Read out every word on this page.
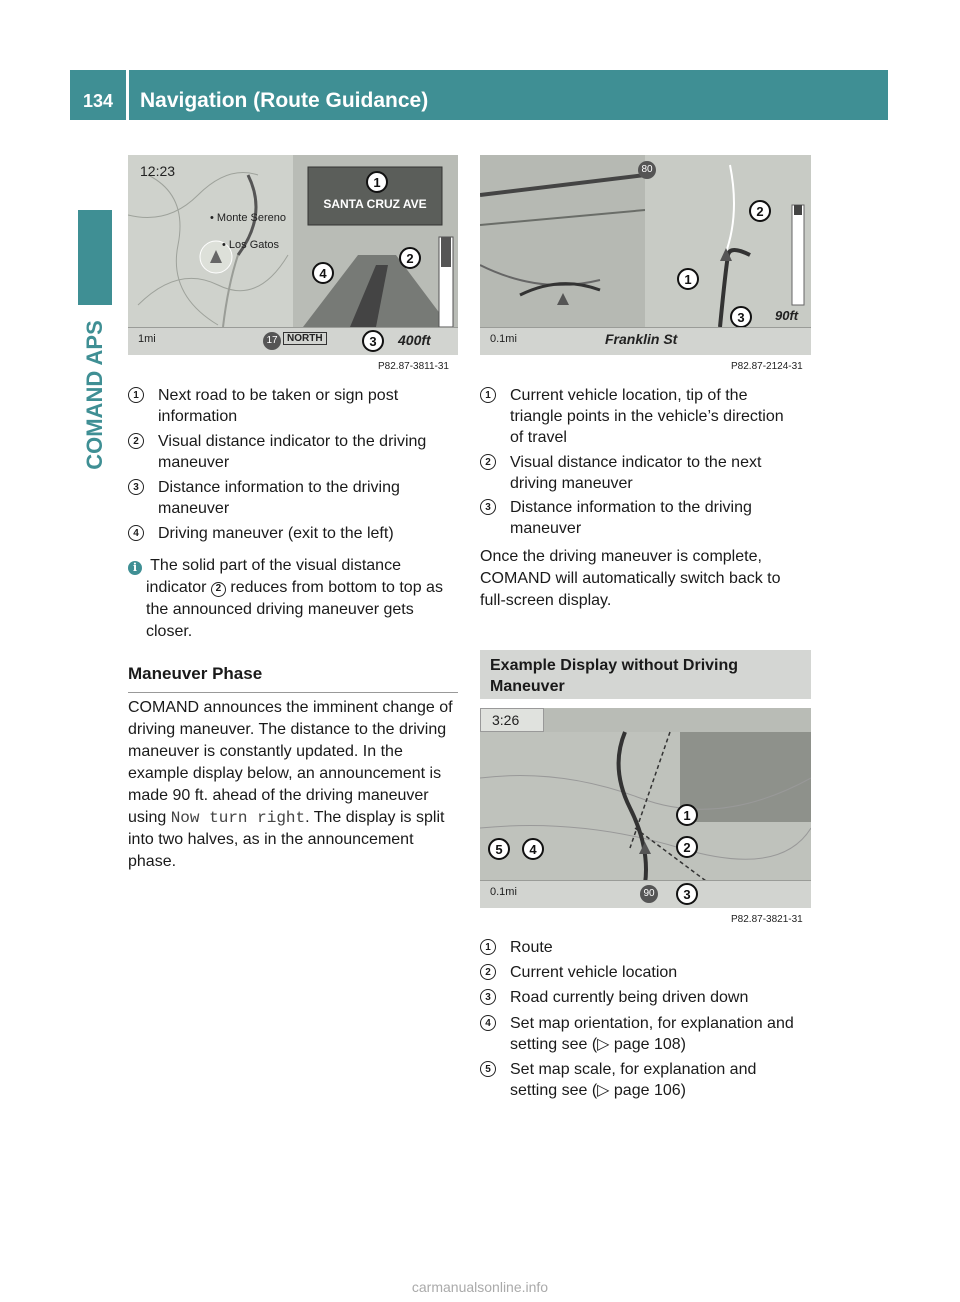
134	Navigation (Route Guidance)
COMAND APS
12:23
• Monte Sereno
• Los Gatos
SANTA CRUZ AVE
1
2
4
1mi	17 NORTH	3	400ft
P82.87-3811-31
80
2
1
3	90ft
0.1mi	Franklin St
P82.87-2124-31
1	Next road to be taken or sign post
information
2	Visual distance indicator to the driving
maneuver
3	Distance information to the driving
maneuver
4	Driving maneuver (exit to the left)
i The solid part of the visual distance
indicator 2 reduces from bottom to top as
the announced driving maneuver gets
closer.
Maneuver Phase
COMAND announces the imminent change of
driving maneuver. The distance to the driving
maneuver is constantly updated. In the
example display below, an announcement is
made 90 ft. ahead of the driving maneuver
using Now turn right. The display is split
into two halves, as in the announcement
phase.
1	Current vehicle location, tip of the
triangle points in the vehicle’s direction
of travel
2	Visual distance indicator to the next
driving maneuver
3	Distance information to the driving
maneuver
Once the driving maneuver is complete,
COMAND will automatically switch back to
full-screen display.
Example Display without Driving
Maneuver
3:26
1
2
5	4
0.1mi	90	3
P82.87-3821-31
1	Route
2	Current vehicle location
3	Road currently being driven down
4	Set map orientation, for explanation and
setting see (▷ page 108)
5	Set map scale, for explanation and
setting see (▷ page 106)
carmanualsonline.info
